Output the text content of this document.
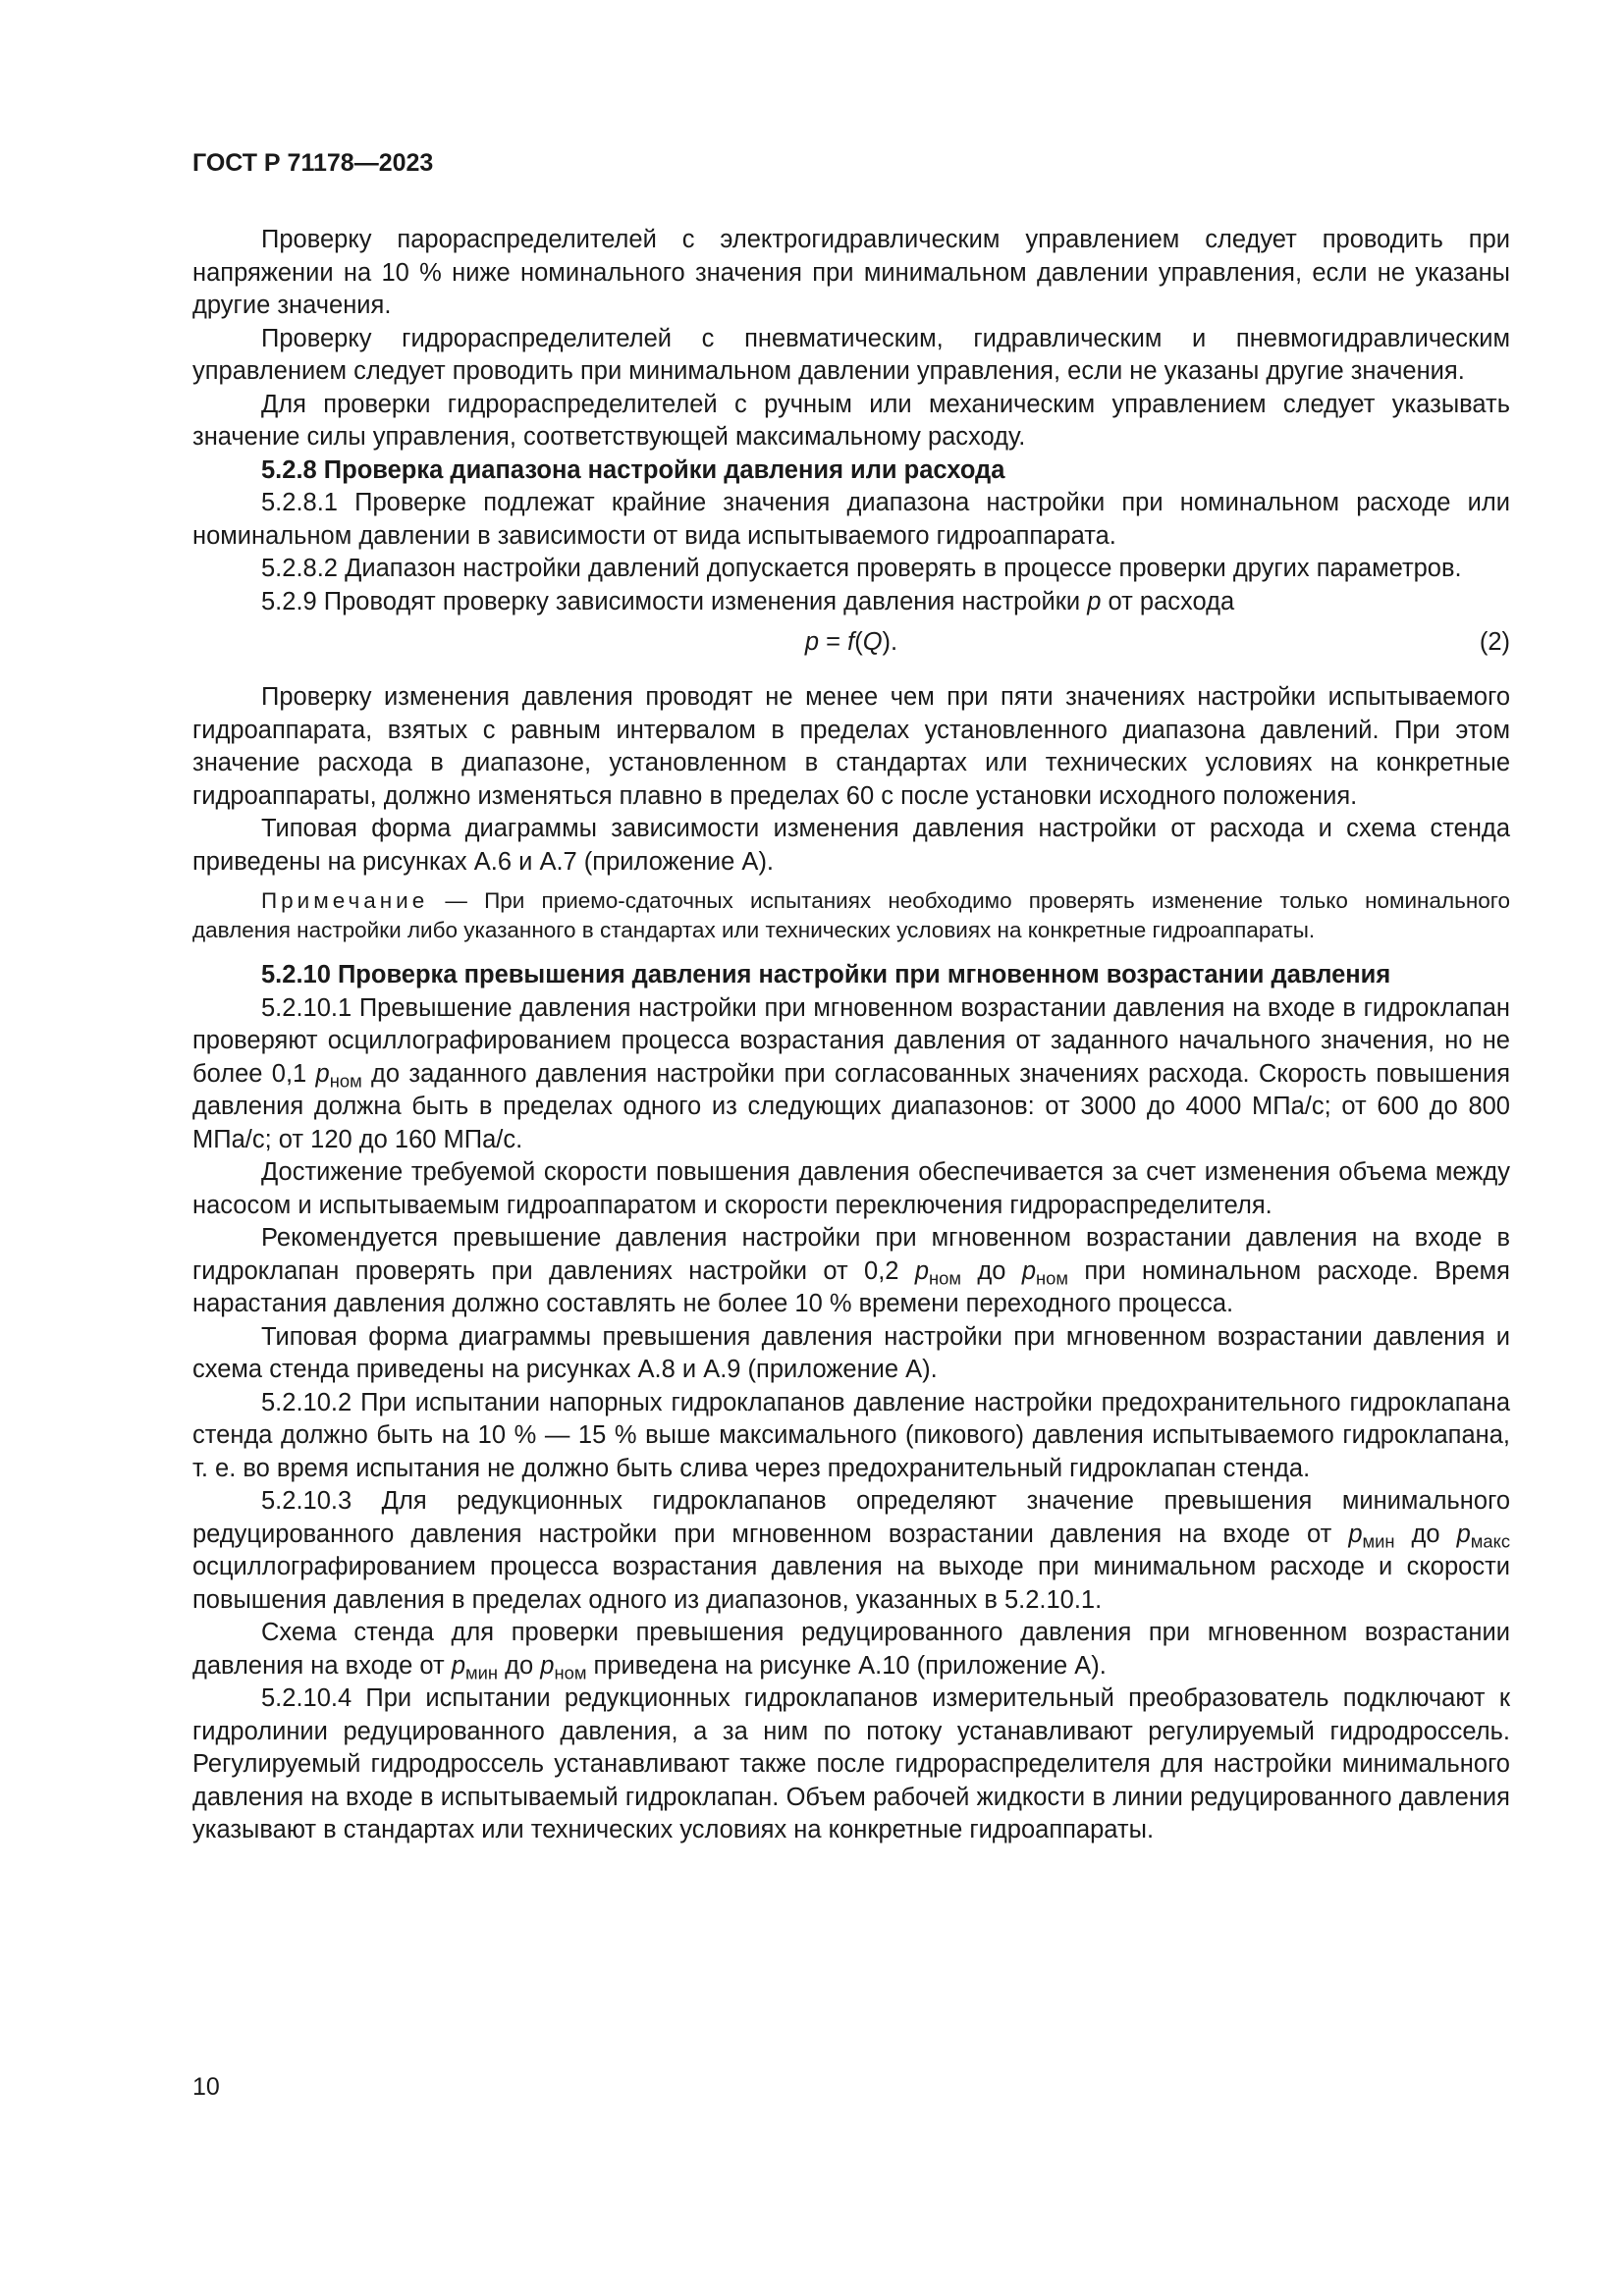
ГОСТ Р 71178—2023

Проверку парораспределителей с электрогидравлическим управлением следует проводить при напряжении на 10 % ниже номинального значения при минимальном давлении управления, если не указаны другие значения.

Проверку гидрораспределителей с пневматическим, гидравлическим и пневмогидравлическим управлением следует проводить при минимальном давлении управления, если не указаны другие значения.

Для проверки гидрораспределителей с ручным или механическим управлением следует указывать значение силы управления, соответствующей максимальному расходу.

5.2.8 Проверка диапазона настройки давления или расхода

5.2.8.1 Проверке подлежат крайние значения диапазона настройки при номинальном расходе или номинальном давлении в зависимости от вида испытываемого гидроаппарата.

5.2.8.2 Диапазон настройки давлений допускается проверять в процессе проверки других параметров.

5.2.9 Проводят проверку зависимости изменения давления настройки p от расхода

p = f(Q).	(2)

Проверку изменения давления проводят не менее чем при пяти значениях настройки испытываемого гидроаппарата, взятых с равным интервалом в пределах установленного диапазона давлений. При этом значение расхода в диапазоне, установленном в стандартах или технических условиях на конкретные гидроаппараты, должно изменяться плавно в пределах 60 с после установки исходного положения.

Типовая форма диаграммы зависимости изменения давления настройки от расхода и схема стенда приведены на рисунках А.6 и А.7 (приложение А).

Примечание — При приемо-сдаточных испытаниях необходимо проверять изменение только номинального давления настройки либо указанного в стандартах или технических условиях на конкретные гидроаппараты.

5.2.10 Проверка превышения давления настройки при мгновенном возрастании давления

5.2.10.1 Превышение давления настройки при мгновенном возрастании давления на входе в гидроклапан проверяют осциллографированием процесса возрастания давления от заданного начального значения, но не более 0,1 $p_{ном}$ до заданного давления настройки при согласованных значениях расхода. Скорость повышения давления должна быть в пределах одного из следующих диапазонов: от 3000 до 4000 МПа/с; от 600 до 800 МПа/с; от 120 до 160 МПа/с.

Достижение требуемой скорости повышения давления обеспечивается за счет изменения объема между насосом и испытываемым гидроаппаратом и скорости переключения гидрораспределителя.

Рекомендуется превышение давления настройки при мгновенном возрастании давления на входе в гидроклапан проверять при давлениях настройки от 0,2 $p_{ном}$ до $p_{ном}$ при номинальном расходе. Время нарастания давления должно составлять не более 10 % времени переходного процесса.

Типовая форма диаграммы превышения давления настройки при мгновенном возрастании давления и схема стенда приведены на рисунках А.8 и А.9 (приложение А).

5.2.10.2 При испытании напорных гидроклапанов давление настройки предохранительного гидроклапана стенда должно быть на 10 % — 15 % выше максимального (пикового) давления испытываемого гидроклапана, т. е. во время испытания не должно быть слива через предохранительный гидроклапан стенда.

5.2.10.3 Для редукционных гидроклапанов определяют значение превышения минимального редуцированного давления настройки при мгновенном возрастании давления на входе от $p_{мин}$ до $p_{макс}$ осциллографированием процесса возрастания давления на выходе при минимальном расходе и скорости повышения давления в пределах одного из диапазонов, указанных в 5.2.10.1.

Схема стенда для проверки превышения редуцированного давления при мгновенном возрастании давления на входе от $p_{мин}$ до $p_{ном}$ приведена на рисунке А.10 (приложение А).

5.2.10.4 При испытании редукционных гидроклапанов измерительный преобразователь подключают к гидролинии редуцированного давления, а за ним по потоку устанавливают регулируемый гидродроссель. Регулируемый гидродроссель устанавливают также после гидрораспределителя для настройки минимального давления на входе в испытываемый гидроклапан. Объем рабочей жидкости в линии редуцированного давления указывают в стандартах или технических условиях на конкретные гидроаппараты.

10
